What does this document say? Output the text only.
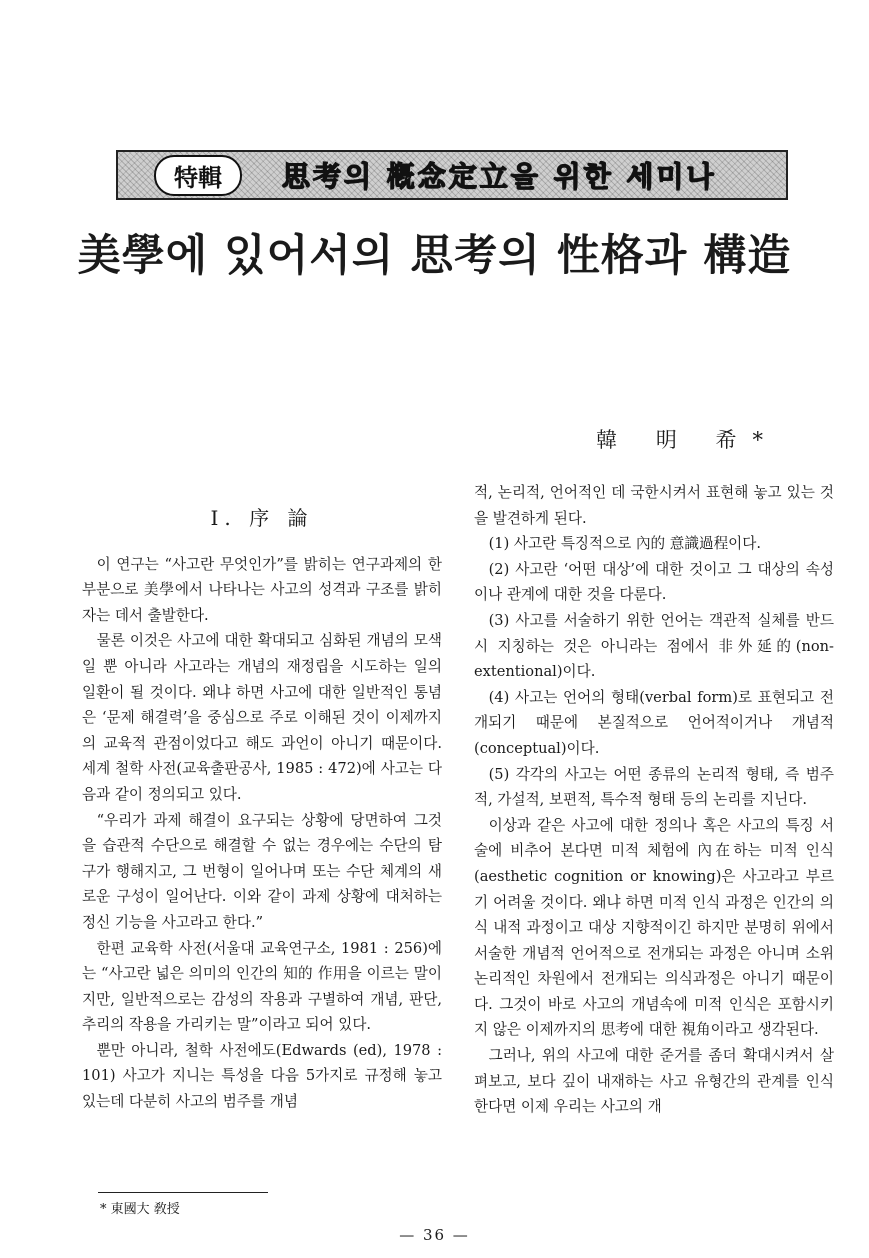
特輯	思考의 槪念定立을 위한 세미나
美學에 있어서의 思考의 性格과 構造
韓 明 希*

Ⅰ. 序 論

이 연구는 “사고란 무엇인가”를 밝히는 연구과제의 한 부분으로 美學에서 나타나는 사고의 성격과 구조를 밝히자는 데서 출발한다.

물론 이것은 사고에 대한 확대되고 심화된 개념의 모색일 뿐 아니라 사고라는 개념의 재정립을 시도하는 일의 일환이 될 것이다. 왜냐 하면 사고에 대한 일반적인 통념은 ‘문제 해결력’을 중심으로 주로 이해된 것이 이제까지의 교육적 관점이었다고 해도 과언이 아니기 때문이다. 세계 철학 사전(교육출판공사, 1985 : 472)에 사고는 다음과 같이 정의되고 있다.

“우리가 과제 해결이 요구되는 상황에 당면하여 그것을 습관적 수단으로 해결할 수 없는 경우에는 수단의 탐구가 행해지고, 그 번형이 일어나며 또는 수단 체계의 새로운 구성이 일어난다. 이와 같이 과제 상황에 대처하는 정신 기능을 사고라고 한다.”

한편 교육학 사전(서울대 교육연구소, 1981 : 256)에는 “사고란 넓은 의미의 인간의 知的 作用을 이르는 말이지만, 일반적으로는 감성의 작용과 구별하여 개념, 판단, 추리의 작용을 가리키는 말”이라고 되어 있다.

뿐만 아니라, 철학 사전에도(Edwards (ed), 1978 : 101) 사고가 지니는 특성을 다음 5가지로 규정해 놓고 있는데 다분히 사고의 범주를 개념

적, 논리적, 언어적인 데 국한시켜서 표현해 놓고 있는 것을 발견하게 된다.

(1) 사고란 특징적으로 內的 意識過程이다.

(2) 사고란 ‘어떤 대상’에 대한 것이고 그 대상의 속성이나 관계에 대한 것을 다룬다.

(3) 사고를 서술하기 위한 언어는 객관적 실체를 반드시 지칭하는 것은 아니라는 점에서 非外延的(non-extentional)이다.

(4) 사고는 언어의 형태(verbal form)로 표현되고 전개되기 때문에 본질적으로 언어적이거나 개념적(conceptual)이다.

(5) 각각의 사고는 어떤 종류의 논리적 형태, 즉 범주적, 가설적, 보편적, 특수적 형태 등의 논리를 지닌다.

이상과 같은 사고에 대한 정의나 혹은 사고의 특징 서술에 비추어 본다면 미적 체험에 內在하는 미적 인식(aesthetic cognition or knowing)은 사고라고 부르기 어려울 것이다. 왜냐 하면 미적 인식 과정은 인간의 의식 내적 과정이고 대상 지향적이긴 하지만 분명히 위에서 서술한 개념적 언어적으로 전개되는 과정은 아니며 소위 논리적인 차원에서 전개되는 의식과정은 아니기 때문이다. 그것이 바로 사고의 개념속에 미적 인식은 포함시키지 않은 이제까지의 思考에 대한 視角이라고 생각된다.

그러나, 위의 사고에 대한 준거를 좀더 확대시켜서 살펴보고, 보다 깊이 내재하는 사고 유형간의 관계를 인식한다면 이제 우리는 사고의 개

* 東國大 敎授
— 36 —
